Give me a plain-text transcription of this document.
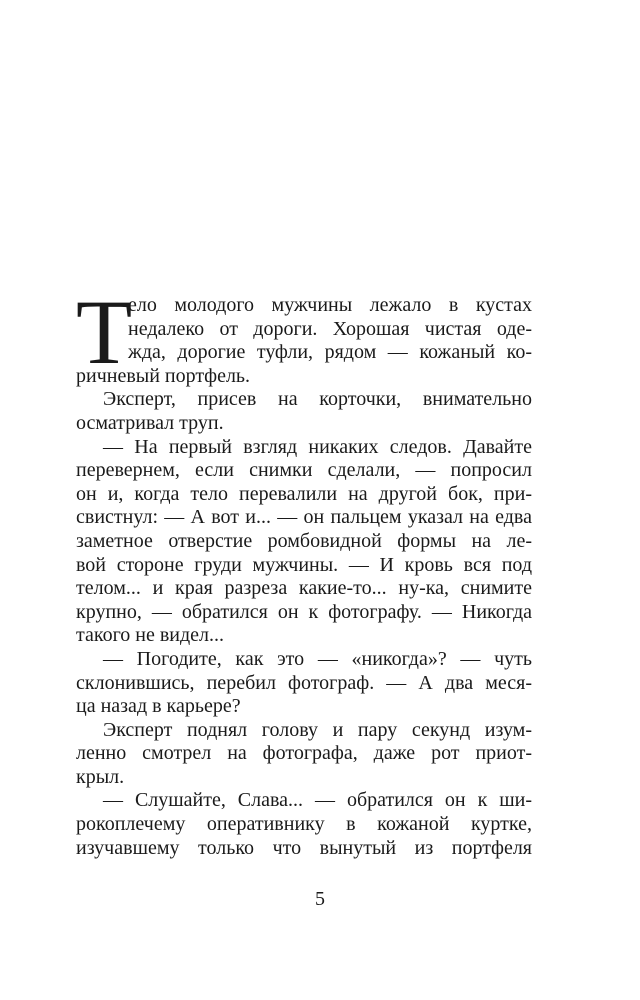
Т
ело молодого мужчины лежало в кустах
недалеко от дороги. Хорошая чистая оде-
жда, дорогие туфли, рядом — кожаный ко-
ричневый портфель.
Эксперт, присев на корточки, внимательно
осматривал труп.
— На первый взгляд никаких следов. Давайте
перевернем, если снимки сделали, — попросил
он и, когда тело перевалили на другой бок, при-
свистнул: — А вот и... — он пальцем указал на едва
заметное отверстие ромбовидной формы на ле-
вой стороне груди мужчины. — И кровь вся под
телом... и края разреза какие-то... ну-ка, снимите
крупно, — обратился он к фотографу. — Никогда
такого не видел...
— Погодите, как это — «никогда»? — чуть
склонившись, перебил фотограф. — А два меся-
ца назад в карьере?
Эксперт поднял голову и пару секунд изум-
ленно смотрел на фотографа, даже рот приот-
крыл.
— Слушайте, Слава... — обратился он к ши-
рокоплечему оперативнику в кожаной куртке,
изучавшему только что вынутый из портфеля
5
